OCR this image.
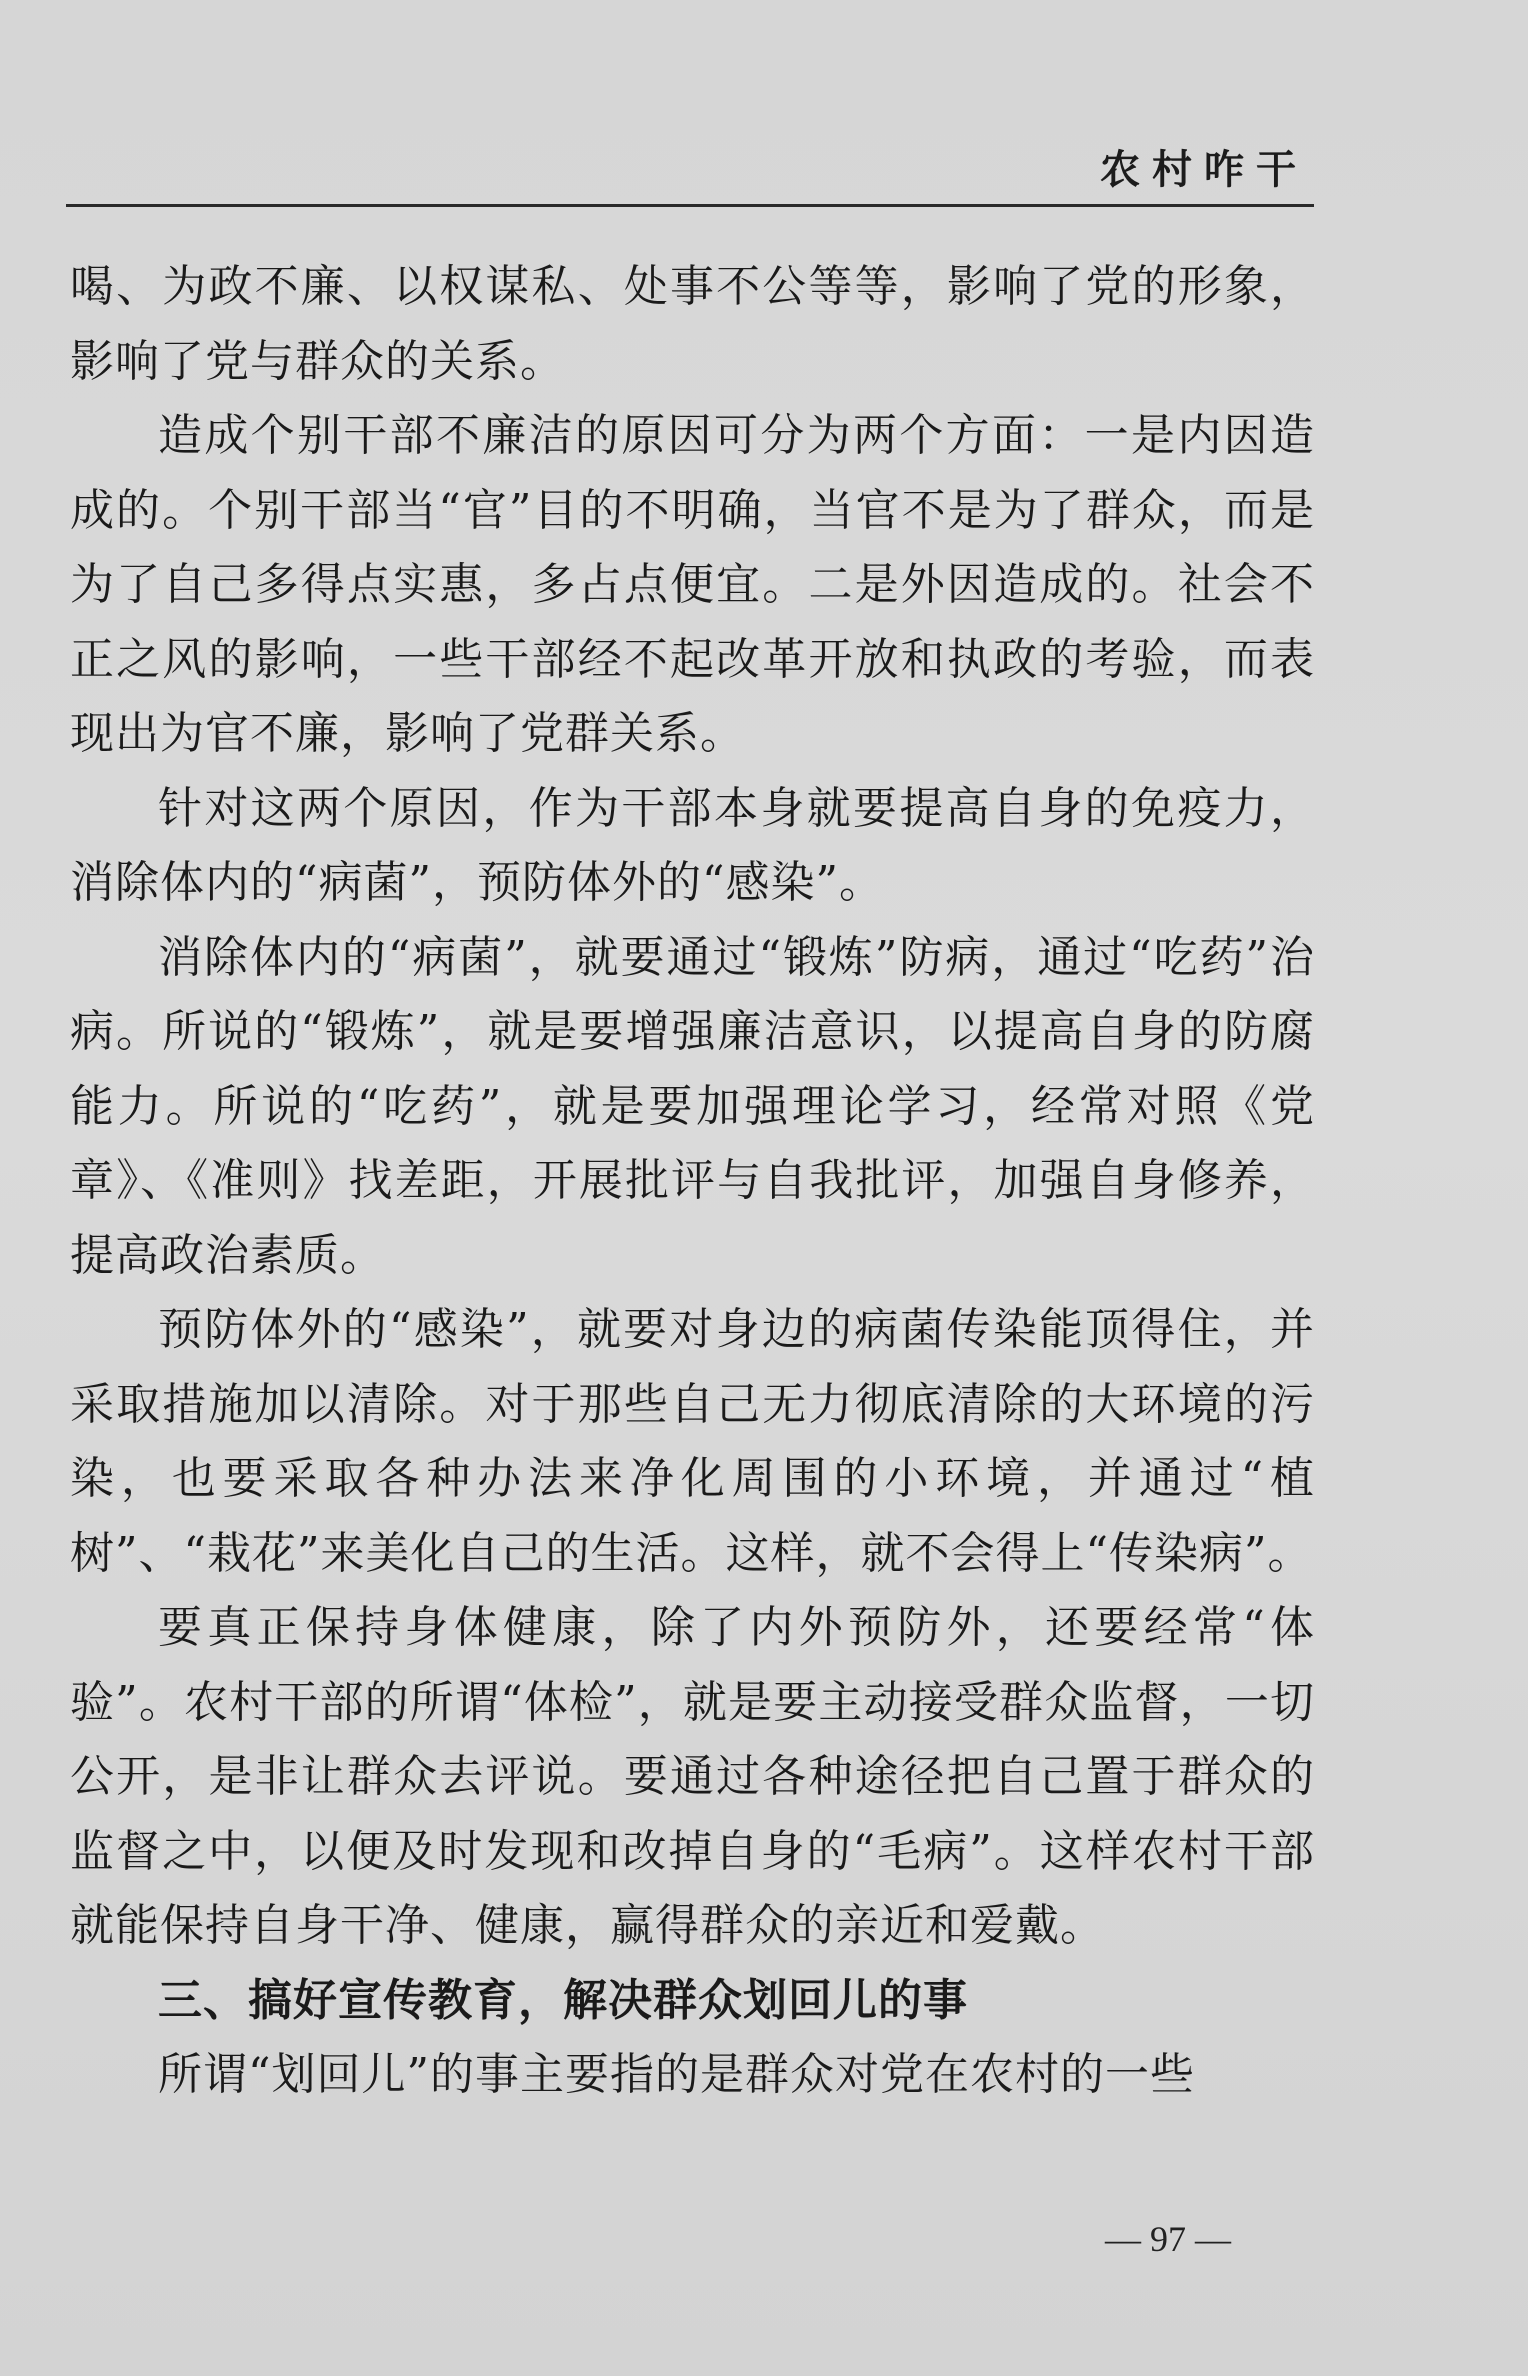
农村咋干

喝、为政不廉、以权谋私、处事不公等等，影响了党的形象，影响了党与群众的关系。

造成个别干部不廉洁的原因可分为两个方面：一是内因造成的。个别干部当“官”目的不明确，当官不是为了群众，而是为了自己多得点实惠，多占点便宜。二是外因造成的。社会不正之风的影响，一些干部经不起改革开放和执政的考验，而表现出为官不廉，影响了党群关系。

针对这两个原因，作为干部本身就要提高自身的免疫力，消除体内的“病菌”，预防体外的“感染”。

消除体内的“病菌”，就要通过“锻炼”防病，通过“吃药”治病。所说的“锻炼”，就是要增强廉洁意识，以提高自身的防腐能力。所说的“吃药”，就是要加强理论学习，经常对照《党章》、《准则》找差距，开展批评与自我批评，加强自身修养，提高政治素质。

预防体外的“感染”，就要对身边的病菌传染能顶得住，并采取措施加以清除。对于那些自己无力彻底清除的大环境的污染，也要采取各种办法来净化周围的小环境，并通过“植树”、“栽花”来美化自己的生活。这样，就不会得上“传染病”。

要真正保持身体健康，除了内外预防外，还要经常“体验”。农村干部的所谓“体检”，就是要主动接受群众监督，一切公开，是非让群众去评说。要通过各种途径把自己置于群众的监督之中，以便及时发现和改掉自身的“毛病”。这样农村干部就能保持自身干净、健康，赢得群众的亲近和爱戴。

三、搞好宣传教育，解决群众划回儿的事

所谓“划回儿”的事主要指的是群众对党在农村的一些

— 97 —
